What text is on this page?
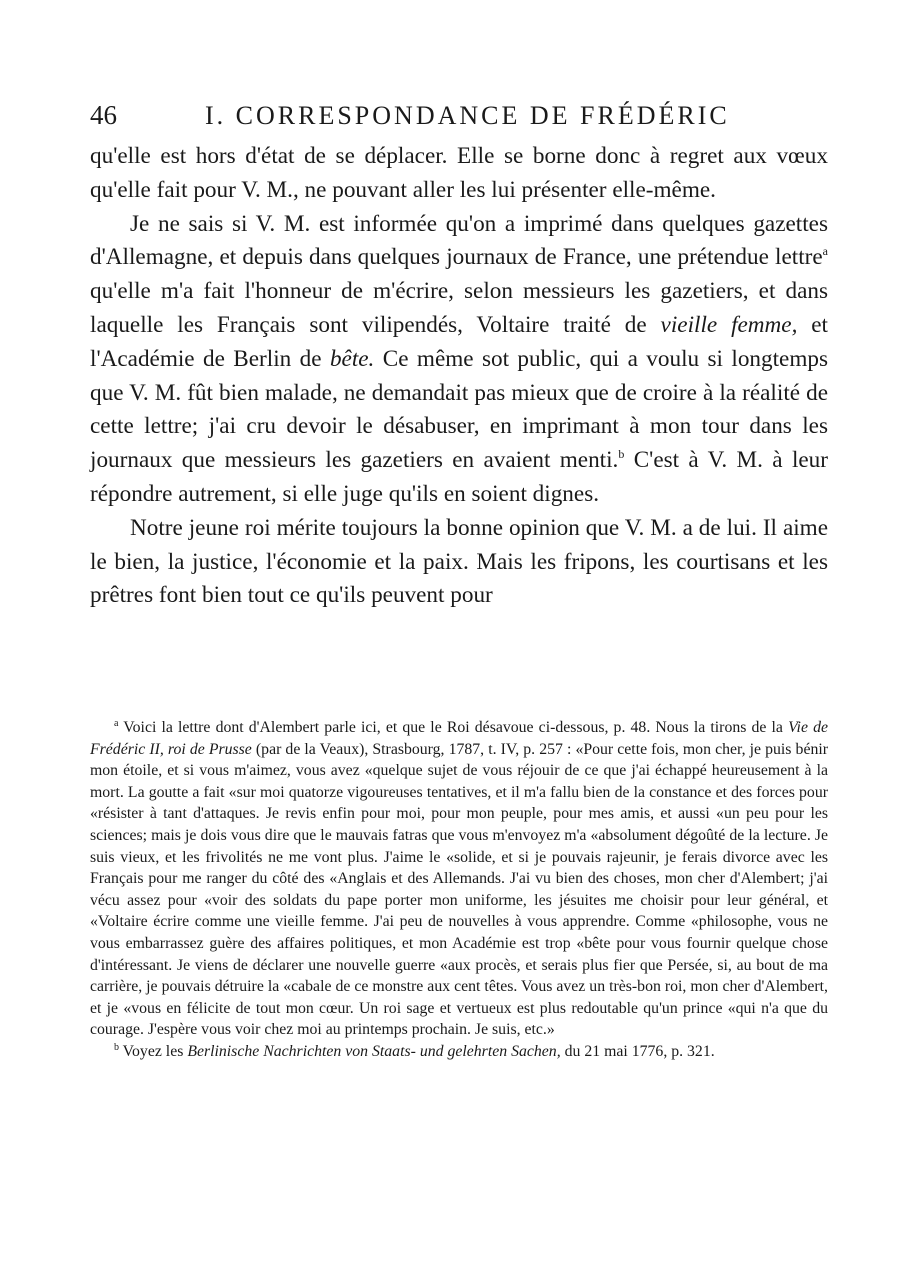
46	I. CORRESPONDANCE DE FRÉDÉRIC

qu'elle est hors d'état de se déplacer. Elle se borne donc à regret aux vœux qu'elle fait pour V. M., ne pouvant aller les lui présenter elle-même.

Je ne sais si V. M. est informée qu'on a imprimé dans quelques gazettes d'Allemagne, et depuis dans quelques journaux de France, une prétendue lettre$^a$ qu'elle m'a fait l'honneur de m'écrire, selon messieurs les gazetiers, et dans laquelle les Français sont vilipendés, Voltaire traité de vieille femme, et l'Académie de Berlin de bête. Ce même sot public, qui a voulu si longtemps que V. M. fût bien malade, ne demandait pas mieux que de croire à la réalité de cette lettre; j'ai cru devoir le désabuser, en imprimant à mon tour dans les journaux que messieurs les gazetiers en avaient menti.$^b$ C'est à V. M. à leur répondre autrement, si elle juge qu'ils en soient dignes.

Notre jeune roi mérite toujours la bonne opinion que V. M. a de lui. Il aime le bien, la justice, l'économie et la paix. Mais les fripons, les courtisans et les prêtres font bien tout ce qu'ils peuvent pour

$^a$ Voici la lettre dont d'Alembert parle ici, et que le Roi désavoue ci-dessous, p. 48. Nous la tirons de la Vie de Frédéric II, roi de Prusse (par de la Veaux), Strasbourg, 1787, t. IV, p. 257 : «Pour cette fois, mon cher, je puis bénir mon étoile, et si vous m'aimez, vous avez «quelque sujet de vous réjouir de ce que j'ai échappé heureusement à la mort. La goutte a fait «sur moi quatorze vigoureuses tentatives, et il m'a fallu bien de la constance et des forces pour «résister à tant d'attaques. Je revis enfin pour moi, pour mon peuple, pour mes amis, et aussi «un peu pour les sciences; mais je dois vous dire que le mauvais fatras que vous m'envoyez m'a «absolument dégoûté de la lecture. Je suis vieux, et les frivolités ne me vont plus. J'aime le «solide, et si je pouvais rajeunir, je ferais divorce avec les Français pour me ranger du côté des «Anglais et des Allemands. J'ai vu bien des choses, mon cher d'Alembert; j'ai vécu assez pour «voir des soldats du pape porter mon uniforme, les jésuites me choisir pour leur général, et «Voltaire écrire comme une vieille femme. J'ai peu de nouvelles à vous apprendre. Comme «philosophe, vous ne vous embarrassez guère des affaires politiques, et mon Académie est trop «bête pour vous fournir quelque chose d'intéressant. Je viens de déclarer une nouvelle guerre «aux procès, et serais plus fier que Persée, si, au bout de ma carrière, je pouvais détruire la «cabale de ce monstre aux cent têtes. Vous avez un très-bon roi, mon cher d'Alembert, et je «vous en félicite de tout mon cœur. Un roi sage et vertueux est plus redoutable qu'un prince «qui n'a que du courage. J'espère vous voir chez moi au printemps prochain. Je suis, etc.»

$^b$ Voyez les Berlinische Nachrichten von Staats- und gelehrten Sachen, du 21 mai 1776, p. 321.
